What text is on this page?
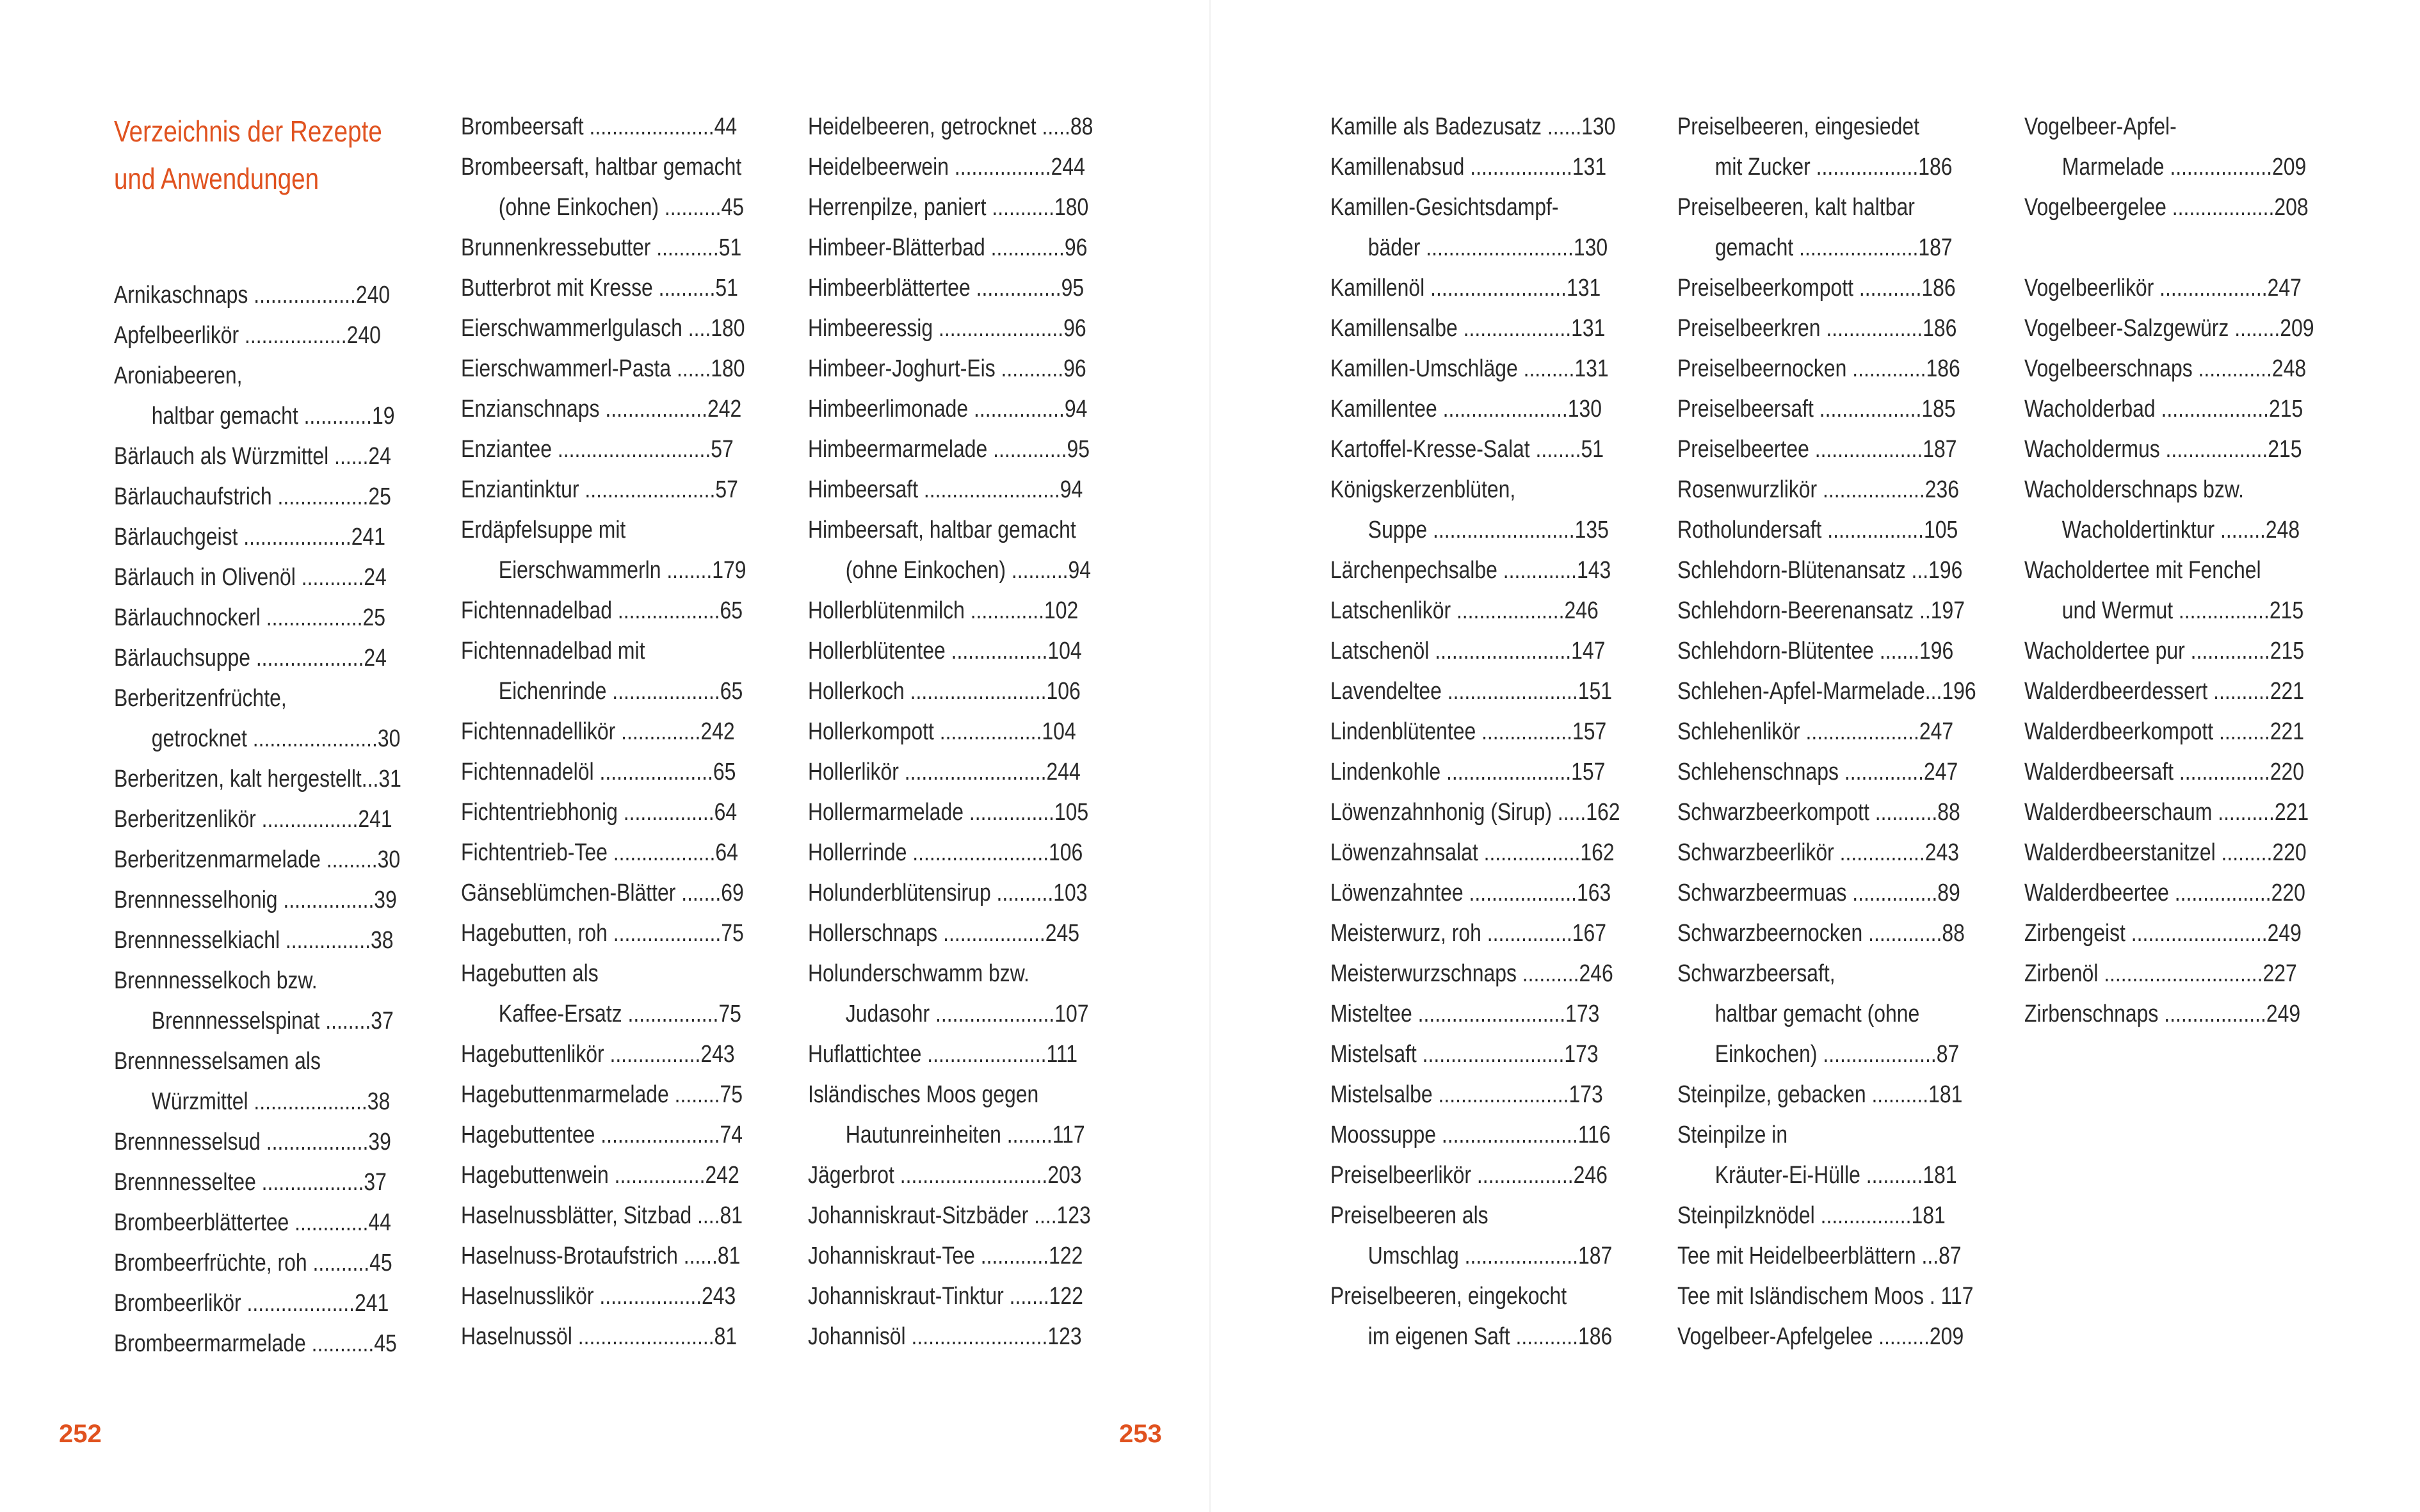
Verzeichnis der Rezepte
und Anwendungen
Arnikaschnaps ..................240
Apfelbeerlikör ..................240
Aroniabeeren,
haltbar gemacht ............19
Bärlauch als Würzmittel ......24
Bärlauchaufstrich ................25
Bärlauchgeist ...................241
Bärlauch in Olivenöl ...........24
Bärlauchnockerl .................25
Bärlauchsuppe ...................24
Berberitzenfrüchte,
getrocknet ......................30
Berberitzen, kalt hergestellt...31
Berberitzenlikör .................241
Berberitzenmarmelade .........30
Brennnesselhonig ................39
Brennnesselkiachl ...............38
Brennnesselkoch bzw.
Brennnesselspinat ........37
Brennnesselsamen als
Würzmittel ....................38
Brennnesselsud ..................39
Brennnesseltee ..................37
Brombeerblättertee .............44
Brombeerfrüchte, roh ..........45
Brombeerlikör ...................241
Brombeermarmelade ...........45
Brombeersaft ......................44
Brombeersaft, haltbar gemacht
(ohne Einkochen) ..........45
Brunnenkressebutter ...........51
Butterbrot mit Kresse ..........51
Eierschwammerlgulasch ....180
Eierschwammerl-Pasta ......180
Enzianschnaps ..................242
Enziantee ...........................57
Enziantinktur .......................57
Erdäpfelsuppe mit
Eierschwammerln ........179
Fichtennadelbad ..................65
Fichtennadelbad mit
Eichenrinde ...................65
Fichtennadellikör ..............242
Fichtennadelöl ....................65
Fichtentriebhonig ................64
Fichtentrieb-Tee ..................64
Gänseblümchen-Blätter .......69
Hagebutten, roh ...................75
Hagebutten als
Kaffee-Ersatz ................75
Hagebuttenlikör ................243
Hagebuttenmarmelade ........75
Hagebuttentee .....................74
Hagebuttenwein ................242
Haselnussblätter, Sitzbad ....81
Haselnuss-Brotaufstrich ......81
Haselnusslikör ..................243
Haselnussöl ........................81
Heidelbeeren, getrocknet .....88
Heidelbeerwein .................244
Herrenpilze, paniert ...........180
Himbeer-Blätterbad .............96
Himbeerblättertee ...............95
Himbeeressig ......................96
Himbeer-Joghurt-Eis ...........96
Himbeerlimonade ................94
Himbeermarmelade .............95
Himbeersaft ........................94
Himbeersaft, haltbar gemacht
(ohne Einkochen) ..........94
Hollerblütenmilch .............102
Hollerblütentee .................104
Hollerkoch ........................106
Hollerkompott ..................104
Hollerlikör .........................244
Hollermarmelade ...............105
Hollerrinde ........................106
Holunderblütensirup ..........103
Hollerschnaps ..................245
Holunderschwamm bzw.
Judasohr .....................107
Huflattichtee .....................111
Isländisches Moos gegen
Hautunreinheiten ........117
Jägerbrot ..........................203
Johanniskraut-Sitzbäder ....123
Johanniskraut-Tee ............122
Johanniskraut-Tinktur .......122
Johannisöl ........................123
Kamille als Badezusatz ......130
Kamillenabsud ..................131
Kamillen-Gesichtsdampf-
bäder ..........................130
Kamillenöl ........................131
Kamillensalbe ...................131
Kamillen-Umschläge .........131
Kamillentee ......................130
Kartoffel-Kresse-Salat ........51
Königskerzenblüten,
Suppe .........................135
Lärchenpechsalbe .............143
Latschenlikör ...................246
Latschenöl ........................147
Lavendeltee .......................151
Lindenblütentee ................157
Lindenkohle ......................157
Löwenzahnhonig (Sirup) .....162
Löwenzahnsalat .................162
Löwenzahntee ...................163
Meisterwurz, roh ...............167
Meisterwurzschnaps ..........246
Misteltee ..........................173
Mistelsaft .........................173
Mistelsalbe .......................173
Moossuppe ........................116
Preiselbeerlikör .................246
Preiselbeeren als
Umschlag ....................187
Preiselbeeren, eingekocht
im eigenen Saft ...........186
Preiselbeeren, eingesiedet
mit Zucker ..................186
Preiselbeeren, kalt haltbar
gemacht .....................187
Preiselbeerkompott ...........186
Preiselbeerkren .................186
Preiselbeernocken .............186
Preiselbeersaft ..................185
Preiselbeertee ...................187
Rosenwurzlikör ..................236
Rotholundersaft .................105
Schlehdorn-Blütenansatz ...196
Schlehdorn-Beerenansatz ..197
Schlehdorn-Blütentee .......196
Schlehen-Apfel-Marmelade...196
Schlehenlikör ....................247
Schlehenschnaps ..............247
Schwarzbeerkompott ...........88
Schwarzbeerlikör ...............243
Schwarzbeermuas ...............89
Schwarzbeernocken .............88
Schwarzbeersaft,
haltbar gemacht (ohne
Einkochen) ....................87
Steinpilze, gebacken ..........181
Steinpilze in
Kräuter-Ei-Hülle ..........181
Steinpilzknödel ................181
Tee mit Heidelbeerblättern ...87
Tee mit Isländischem Moos . 117
Vogelbeer-Apfelgelee .........209
Vogelbeer-Apfel-
Marmelade ..................209
Vogelbeergelee ..................208
Vogelbeerlikör ...................247
Vogelbeer-Salzgewürz ........209
Vogelbeerschnaps .............248
Wacholderbad ...................215
Wacholdermus ..................215
Wacholderschnaps bzw.
Wacholdertinktur ........248
Wacholdertee mit Fenchel
und Wermut ................215
Wacholdertee pur ..............215
Walderdbeerdessert ..........221
Walderdbeerkompott .........221
Walderdbeersaft ................220
Walderdbeerschaum ..........221
Walderdbeerstanitzel .........220
Walderdbeertee .................220
Zirbengeist ........................249
Zirbenöl ............................227
Zirbenschnaps ..................249
252	253
